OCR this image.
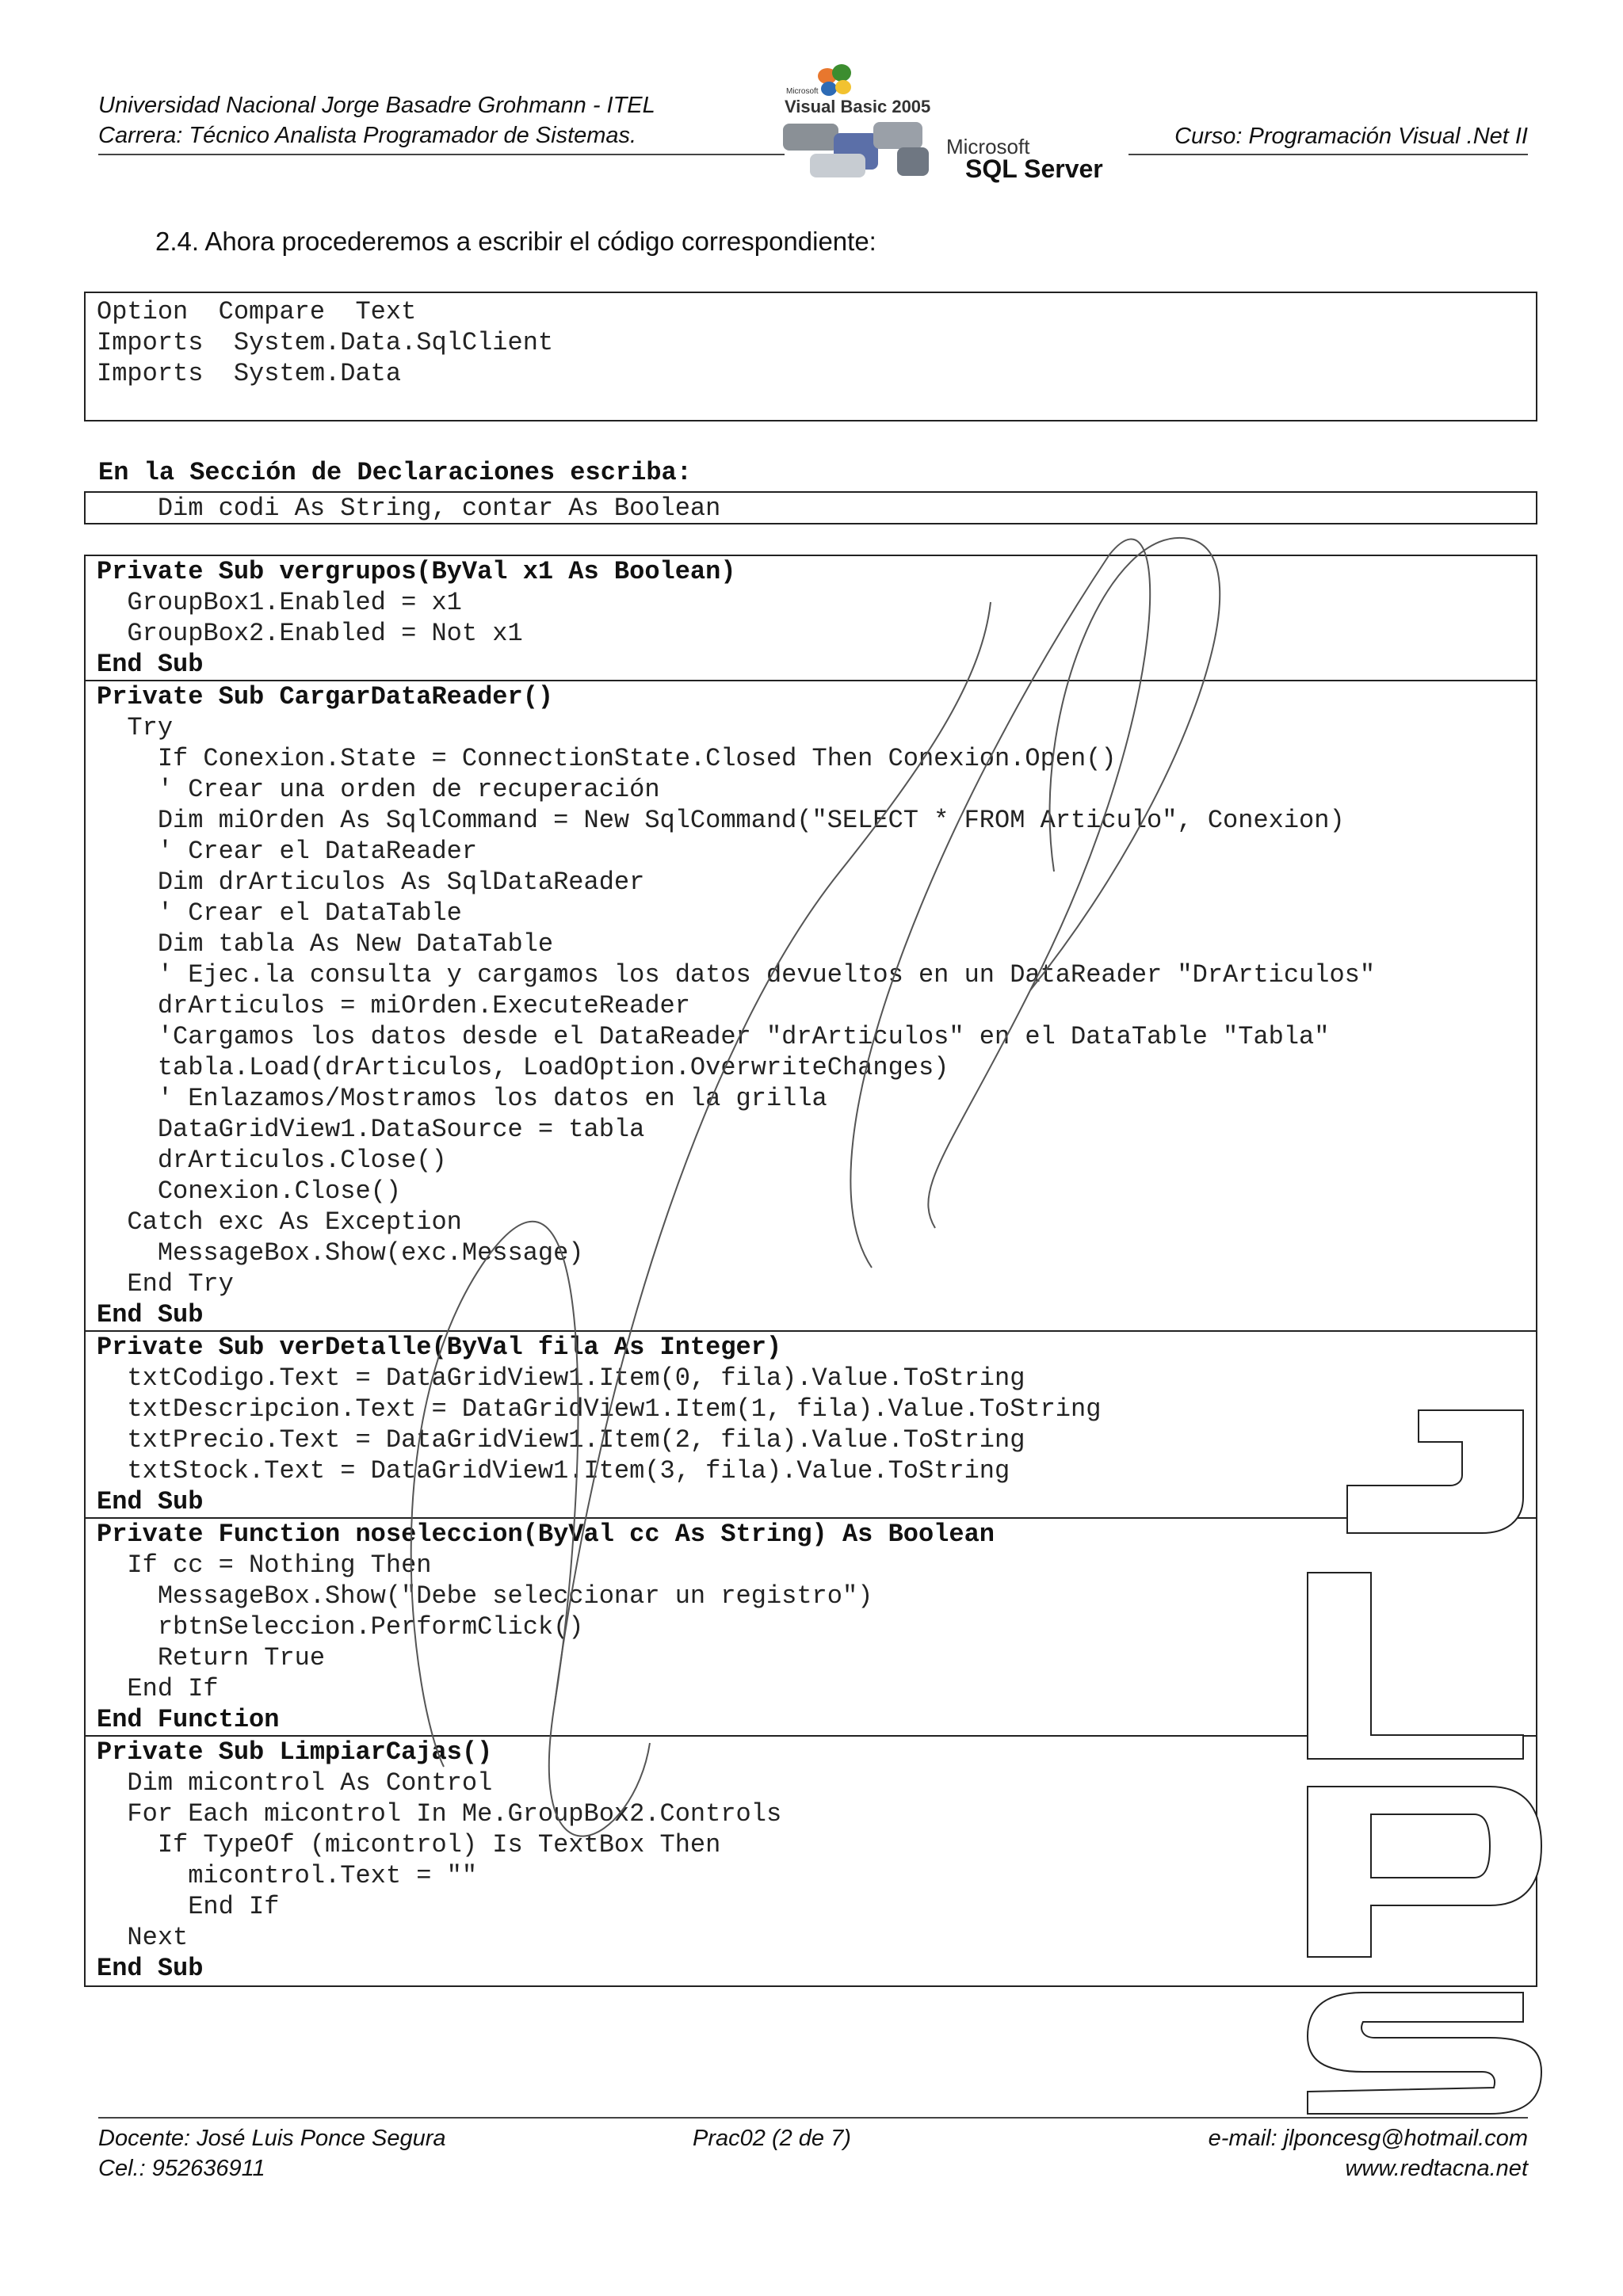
Universidad Nacional Jorge Basadre Grohmann - ITEL
Carrera: Técnico Analista Programador de Sistemas.	Curso: Programación Visual .Net II
Microsoft
Visual Basic 2005
Microsoft
SQL Server
2.4. Ahora procederemos a escribir el código correspondiente:
Option  Compare  Text
Imports  System.Data.SqlClient
Imports  System.Data
En la Sección de Declaraciones escriba:
Dim codi As String, contar As Boolean
Private Sub vergrupos(ByVal x1 As Boolean)
GroupBox1.Enabled = x1
GroupBox2.Enabled = Not x1
End Sub
Private Sub CargarDataReader()
Try
If Conexion.State = ConnectionState.Closed Then Conexion.Open()
' Crear una orden de recuperación
Dim miOrden As SqlCommand = New SqlCommand("SELECT * FROM Articulo", Conexion)
' Crear el DataReader
Dim drArticulos As SqlDataReader
' Crear el DataTable
Dim tabla As New DataTable
' Ejec.la consulta y cargamos los datos devueltos en un DataReader "DrArticulos"
drArticulos = miOrden.ExecuteReader
'Cargamos los datos desde el DataReader "drArticulos" en el DataTable "Tabla"
tabla.Load(drArticulos, LoadOption.OverwriteChanges)
' Enlazamos/Mostramos los datos en la grilla
DataGridView1.DataSource = tabla
drArticulos.Close()
Conexion.Close()
Catch exc As Exception
MessageBox.Show(exc.Message)
End Try
End Sub
Private Sub verDetalle(ByVal fila As Integer)
txtCodigo.Text = DataGridView1.Item(0, fila).Value.ToString
txtDescripcion.Text = DataGridView1.Item(1, fila).Value.ToString
txtPrecio.Text = DataGridView1.Item(2, fila).Value.ToString
txtStock.Text = DataGridView1.Item(3, fila).Value.ToString
End Sub
Private Function noseleccion(ByVal cc As String) As Boolean
If cc = Nothing Then
MessageBox.Show("Debe seleccionar un registro")
rbtnSeleccion.PerformClick()
Return True
End If
End Function
Private Sub LimpiarCajas()
Dim micontrol As Control
For Each micontrol In Me.GroupBox2.Controls
If TypeOf (micontrol) Is TextBox Then
micontrol.Text = ""
End If
Next
End Sub
Docente: José Luis Ponce Segura
Cel.: 952636911
Prac02 (2 de 7)	e-mail: jlponcesg@hotmail.com
www.redtacna.net
